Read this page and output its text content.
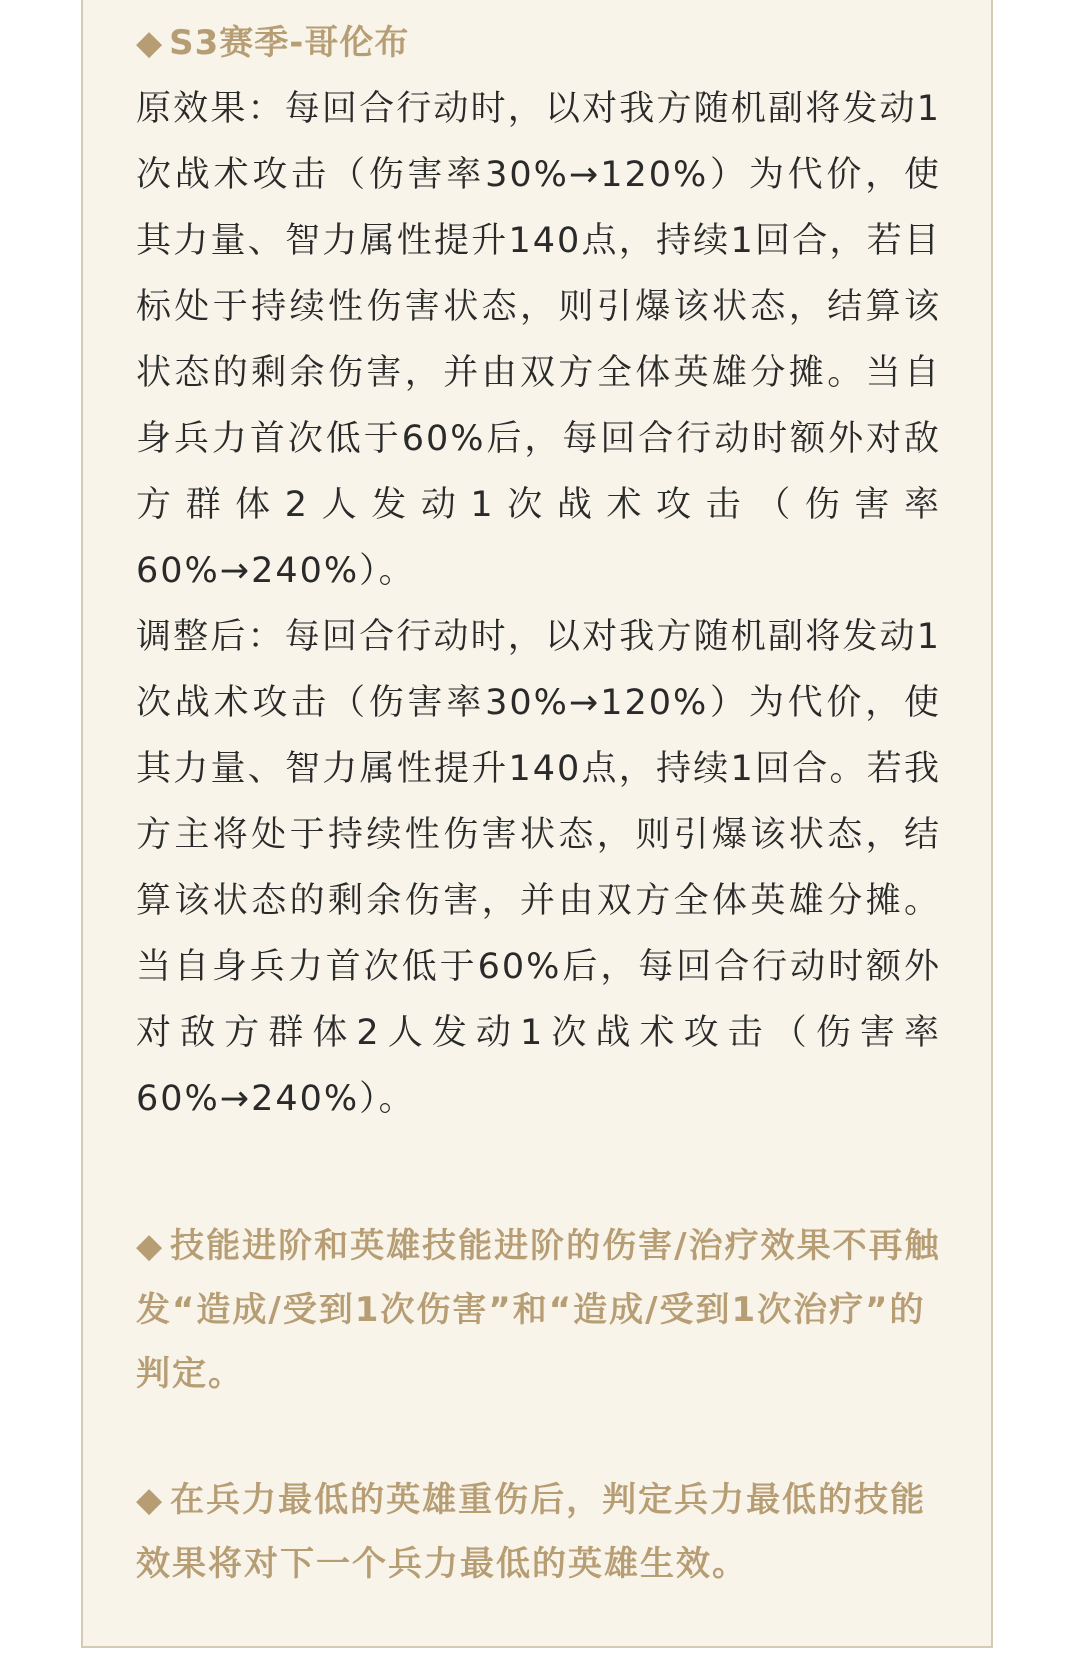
◆ S3赛季-哥伦布

原效果：每回合行动时，以对我方随机副将发动1次战术攻击（伤害率30%→120%）为代价，使其力量、智力属性提升140点，持续1回合，若目标处于持续性伤害状态，则引爆该状态，结算该状态的剩余伤害，并由双方全体英雄分摊。当自身兵力首次低于60%后，每回合行动时额外对敌方群体2人发动1次战术攻击（伤害率60%→240%）。

调整后：每回合行动时，以对我方随机副将发动1次战术攻击（伤害率30%→120%）为代价，使其力量、智力属性提升140点，持续1回合。若我方主将处于持续性伤害状态，则引爆该状态，结算该状态的剩余伤害，并由双方全体英雄分摊。当自身兵力首次低于60%后，每回合行动时额外对敌方群体2人发动1次战术攻击（伤害率60%→240%）。

◆ 技能进阶和英雄技能进阶的伤害/治疗效果不再触发“造成/受到1次伤害”和“造成/受到1次治疗”的判定。

◆ 在兵力最低的英雄重伤后，判定兵力最低的技能效果将对下一个兵力最低的英雄生效。
